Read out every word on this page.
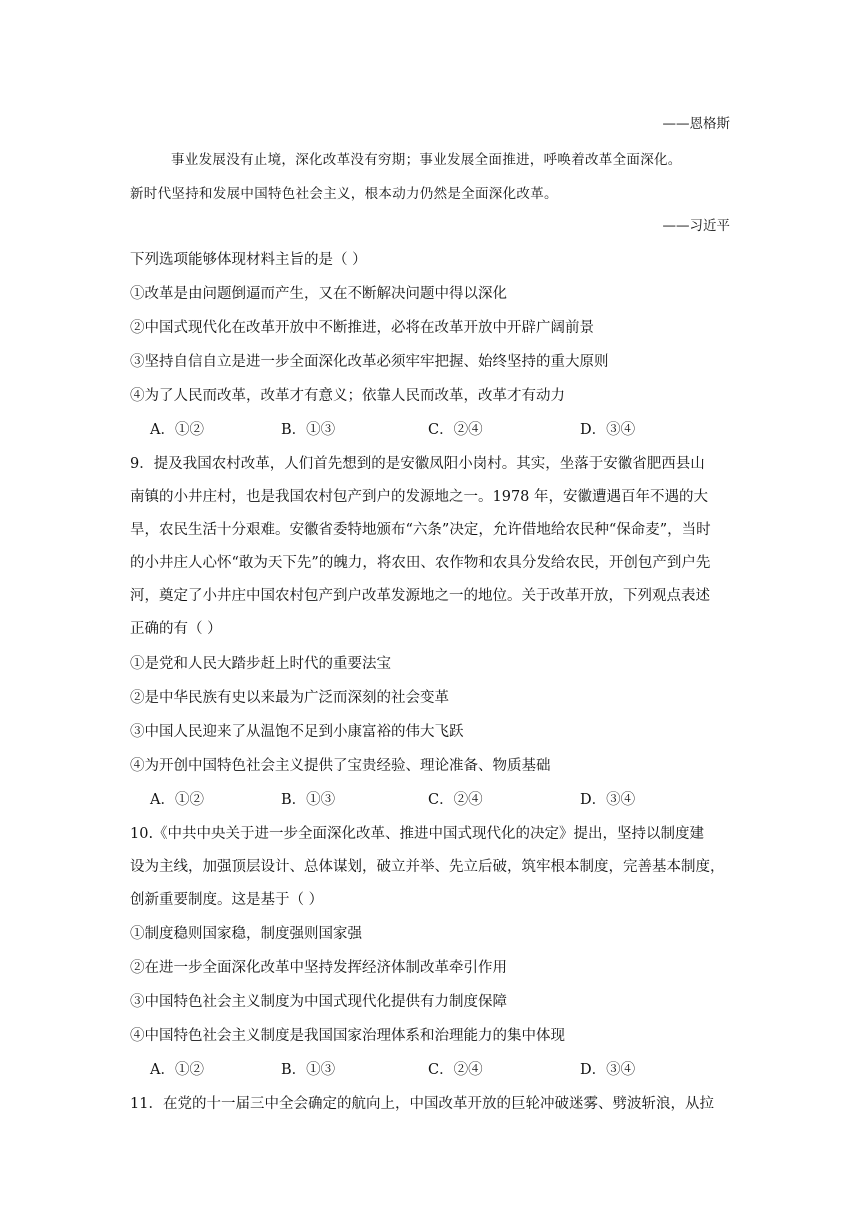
——恩格斯
事业发展没有止境，深化改革没有穷期；事业发展全面推进，呼唤着改革全面深化。
新时代坚持和发展中国特色社会主义，根本动力仍然是全面深化改革。
——习近平
下列选项能够体现材料主旨的是（ ）
①改革是由问题倒逼而产生，又在不断解决问题中得以深化
②中国式现代化在改革开放中不断推进，必将在改革开放中开辟广阔前景
③坚持自信自立是进一步全面深化改革必须牢牢把握、始终坚持的重大原则
④为了人民而改革，改革才有意义；依靠人民而改革，改革才有动力
A．①②	B．①③	C．②④	D．③④
9．提及我国农村改革，人们首先想到的是安徽凤阳小岗村。其实，坐落于安徽省肥西县山
南镇的小井庄村，也是我国农村包产到户的发源地之一。1978 年，安徽遭遇百年不遇的大
旱，农民生活十分艰难。安徽省委特地颁布“六条”决定，允许借地给农民种“保命麦”，当时
的小井庄人心怀“敢为天下先”的魄力，将农田、农作物和农具分发给农民，开创包产到户先
河，奠定了小井庄中国农村包产到户改革发源地之一的地位。关于改革开放，下列观点表述
正确的有（ ）
①是党和人民大踏步赶上时代的重要法宝
②是中华民族有史以来最为广泛而深刻的社会变革
③中国人民迎来了从温饱不足到小康富裕的伟大飞跃
④为开创中国特色社会主义提供了宝贵经验、理论准备、物质基础
A．①②	B．①③	C．②④	D．③④
10.《中共中央关于进一步全面深化改革、推进中国式现代化的决定》提出，坚持以制度建
设为主线，加强顶层设计、总体谋划，破立并举、先立后破，筑牢根本制度，完善基本制度，
创新重要制度。这是基于（ ）
①制度稳则国家稳，制度强则国家强
②在进一步全面深化改革中坚持发挥经济体制改革牵引作用
③中国特色社会主义制度为中国式现代化提供有力制度保障
④中国特色社会主义制度是我国国家治理体系和治理能力的集中体现
A．①②	B．①③	C．②④	D．③④
11．在党的十一届三中全会确定的航向上，中国改革开放的巨轮冲破迷雾、劈波斩浪，从拉
